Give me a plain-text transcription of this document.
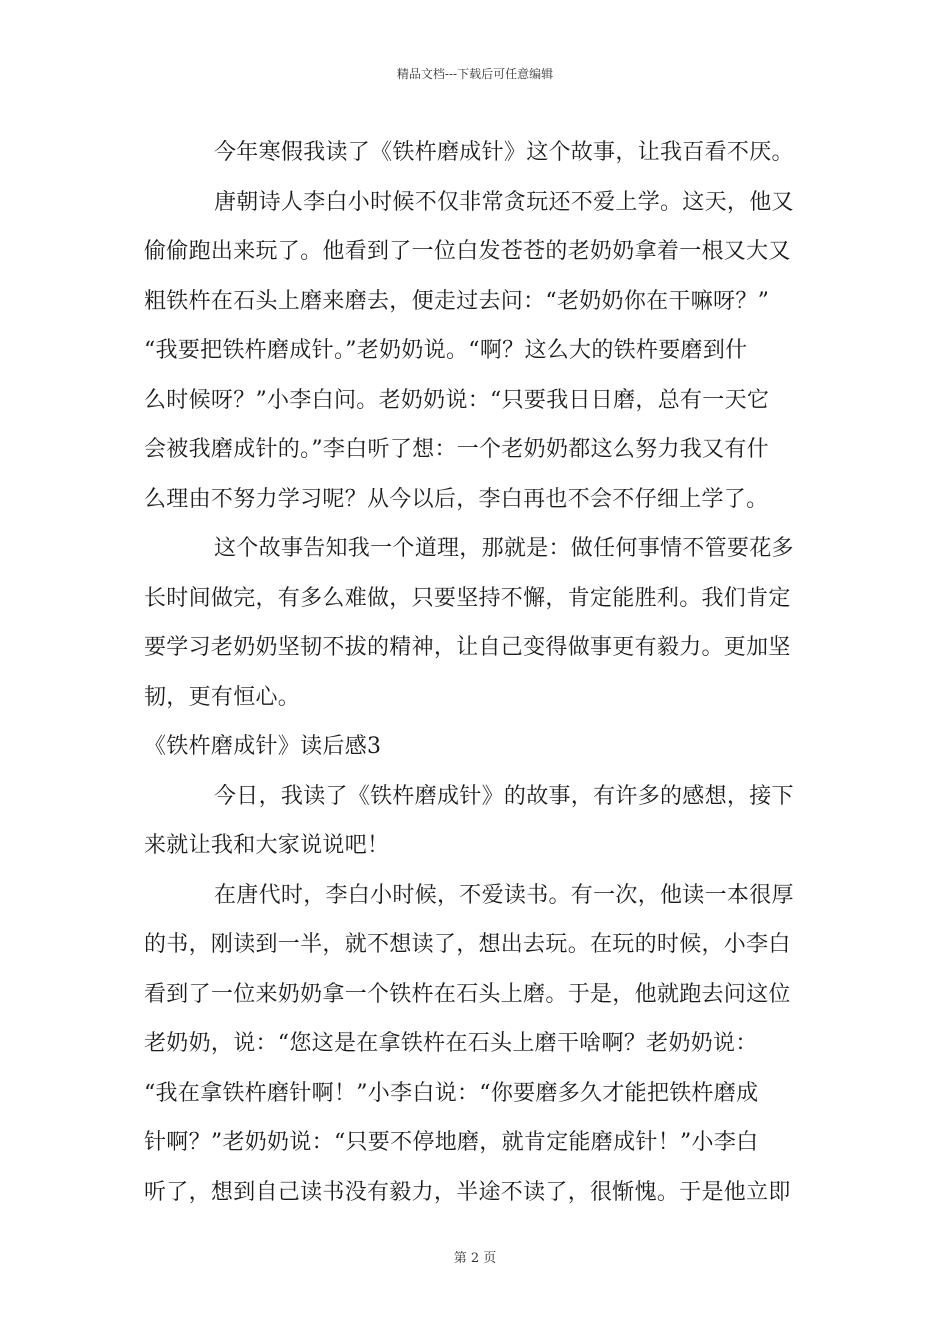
精品文档---下载后可任意编辑
今年寒假我读了《铁杵磨成针》这个故事，让我百看不厌。
唐朝诗人李白小时候不仅非常贪玩还不爱上学。这天，他又
偷偷跑出来玩了。他看到了一位白发苍苍的老奶奶拿着一根又大又
粗铁杵在石头上磨来磨去，便走过去问：“老奶奶你在干嘛呀？”
“我要把铁杵磨成针。”老奶奶说。“啊？这么大的铁杵要磨到什
么时候呀？”小李白问。老奶奶说：“只要我日日磨，总有一天它
会被我磨成针的。”李白听了想：一个老奶奶都这么努力我又有什
么理由不努力学习呢？从今以后，李白再也不会不仔细上学了。
这个故事告知我一个道理，那就是：做任何事情不管要花多
长时间做完，有多么难做，只要坚持不懈，肯定能胜利。我们肯定
要学习老奶奶坚韧不拔的精神，让自己变得做事更有毅力。更加坚
韧，更有恒心。
《铁杵磨成针》读后感3
今日，我读了《铁杵磨成针》的故事，有许多的感想，接下
来就让我和大家说说吧！
在唐代时，李白小时候，不爱读书。有一次，他读一本很厚
的书，刚读到一半，就不想读了，想出去玩。在玩的时候，小李白
看到了一位来奶奶拿一个铁杵在石头上磨。于是，他就跑去问这位
老奶奶，说：“您这是在拿铁杵在石头上磨干啥啊？老奶奶说：
“我在拿铁杵磨针啊！”小李白说：“你要磨多久才能把铁杵磨成
针啊？”老奶奶说：“只要不停地磨，就肯定能磨成针！”小李白
听了，想到自己读书没有毅力，半途不读了，很惭愧。于是他立即
第 2 页
